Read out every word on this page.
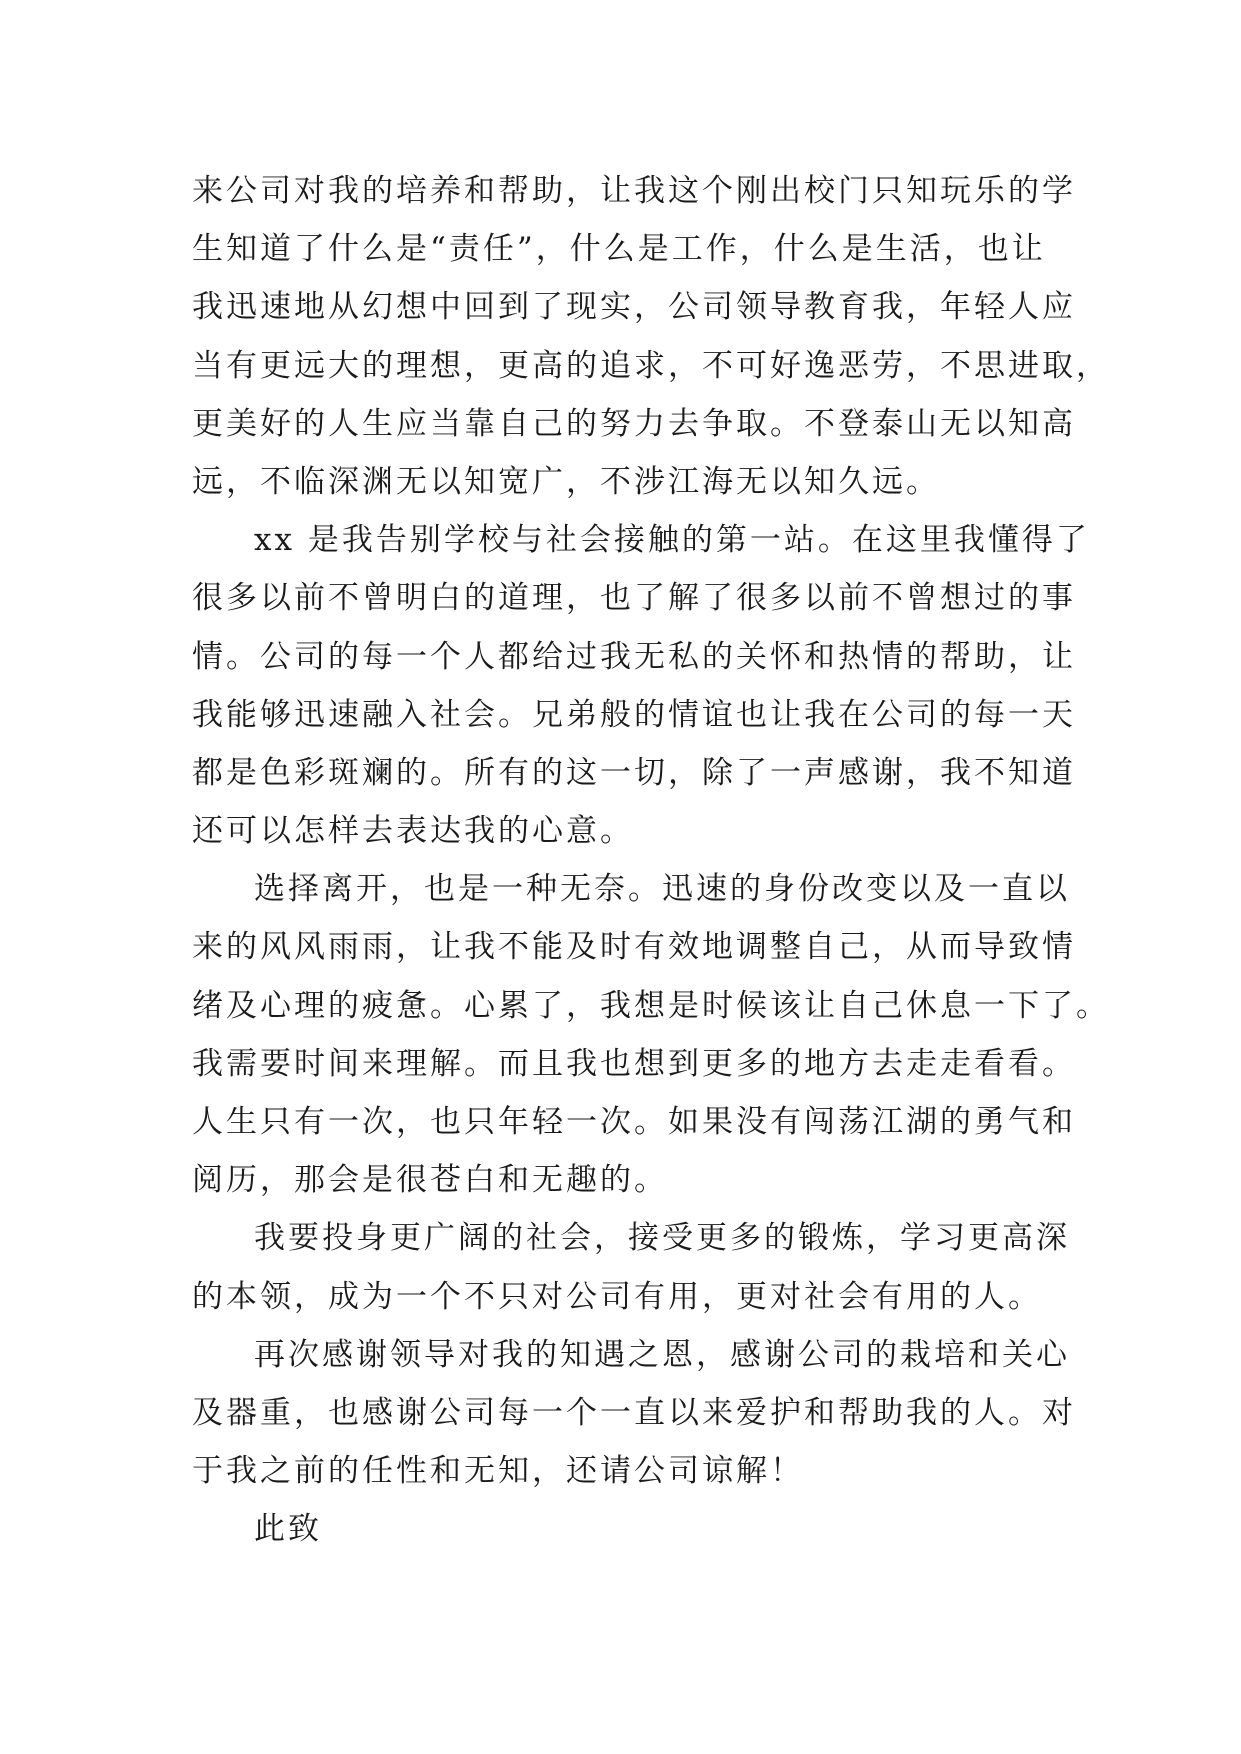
来公司对我的培养和帮助，让我这个刚出校门只知玩乐的学
生知道了什么是“责任”，什么是工作，什么是生活，也让
我迅速地从幻想中回到了现实，公司领导教育我，年轻人应
当有更远大的理想，更高的追求，不可好逸恶劳，不思进取，
更美好的人生应当靠自己的努力去争取。不登泰山无以知高
远，不临深渊无以知宽广，不涉江海无以知久远。
xx 是我告别学校与社会接触的第一站。在这里我懂得了
很多以前不曾明白的道理，也了解了很多以前不曾想过的事
情。公司的每一个人都给过我无私的关怀和热情的帮助，让
我能够迅速融入社会。兄弟般的情谊也让我在公司的每一天
都是色彩斑斓的。所有的这一切，除了一声感谢，我不知道
还可以怎样去表达我的心意。
选择离开，也是一种无奈。迅速的身份改变以及一直以
来的风风雨雨，让我不能及时有效地调整自己，从而导致情
绪及心理的疲惫。心累了，我想是时候该让自己休息一下了。
我需要时间来理解。而且我也想到更多的地方去走走看看。
人生只有一次，也只年轻一次。如果没有闯荡江湖的勇气和
阅历，那会是很苍白和无趣的。
我要投身更广阔的社会，接受更多的锻炼，学习更高深
的本领，成为一个不只对公司有用，更对社会有用的人。
再次感谢领导对我的知遇之恩，感谢公司的栽培和关心
及器重，也感谢公司每一个一直以来爱护和帮助我的人。对
于我之前的任性和无知，还请公司谅解！
此致
